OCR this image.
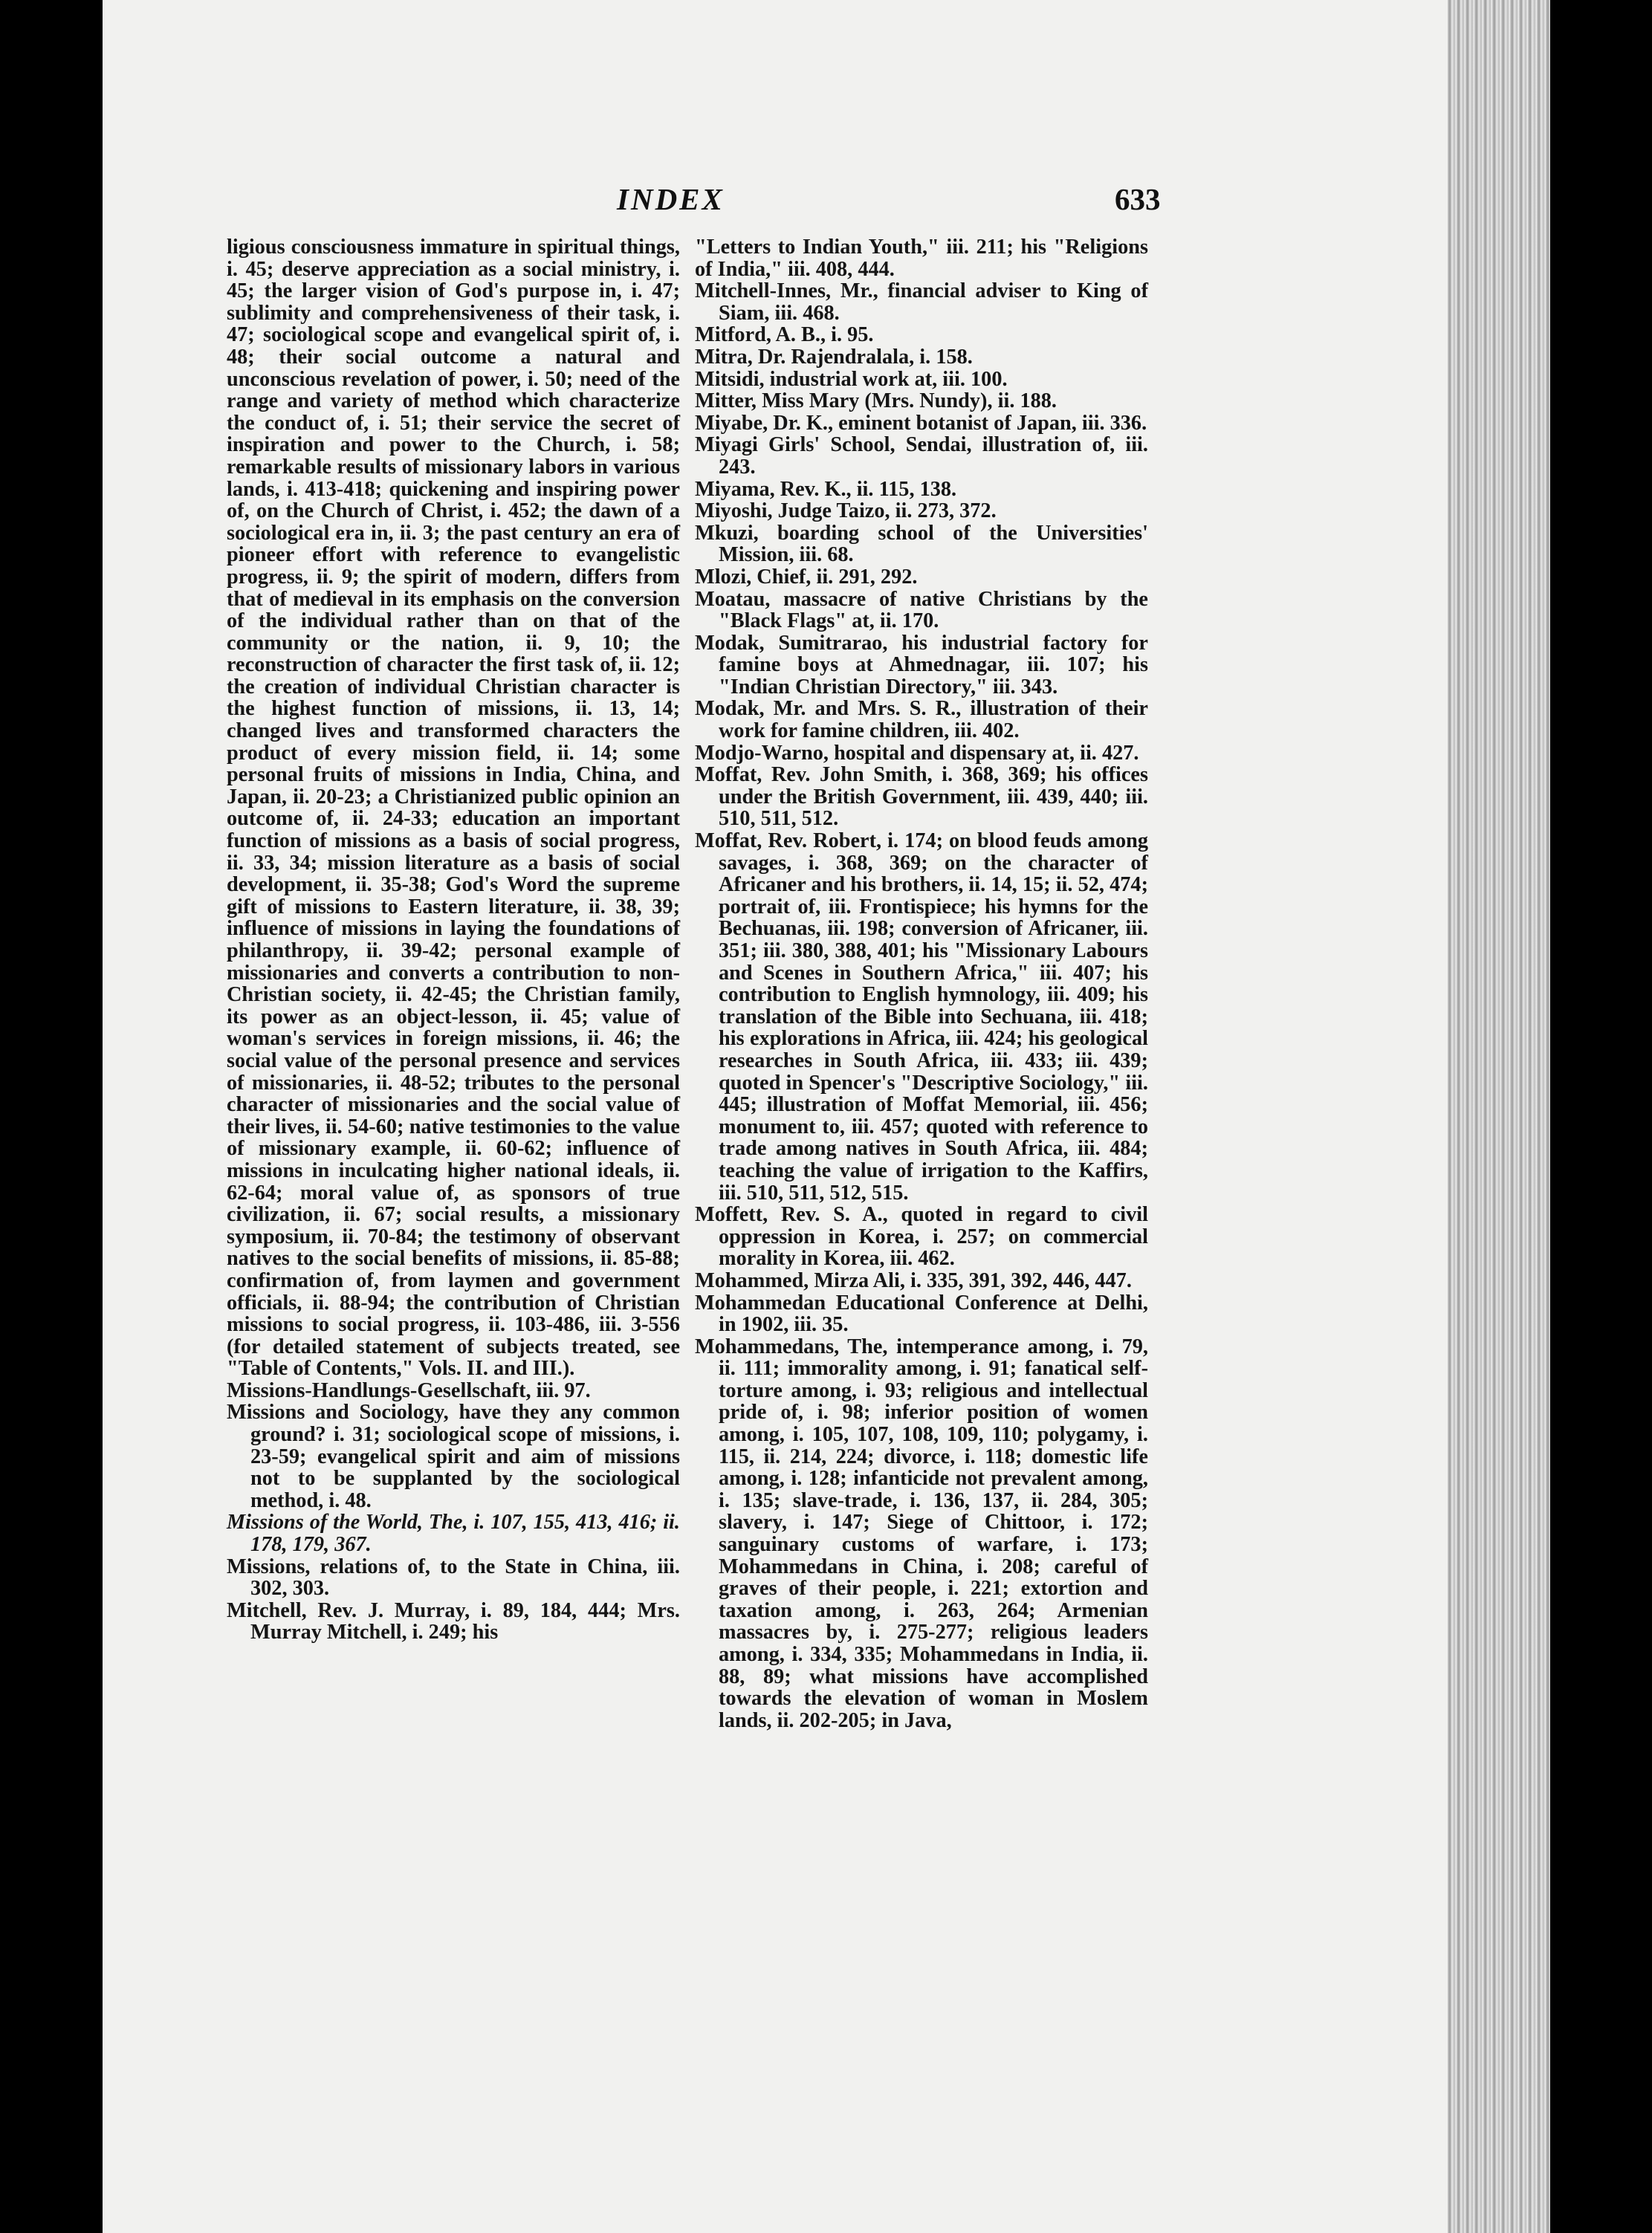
INDEX	633

ligious consciousness immature in spiritual things, i. 45; deserve appreciation as a social ministry, i. 45; the larger vision of God's purpose in, i. 47; sublimity and comprehensiveness of their task, i. 47; sociological scope and evangelical spirit of, i. 48; their social outcome a natural and unconscious revelation of power, i. 50; need of the range and variety of method which characterize the conduct of, i. 51; their service the secret of inspiration and power to the Church, i. 58; remarkable results of missionary labors in various lands, i. 413-418; quickening and inspiring power of, on the Church of Christ, i. 452; the dawn of a sociological era in, ii. 3; the past century an era of pioneer effort with reference to evangelistic progress, ii. 9; the spirit of modern, differs from that of medieval in its emphasis on the conversion of the individual rather than on that of the community or the nation, ii. 9, 10; the reconstruction of character the first task of, ii. 12; the creation of individual Christian character is the highest function of missions, ii. 13, 14; changed lives and transformed characters the product of every mission field, ii. 14; some personal fruits of missions in India, China, and Japan, ii. 20-23; a Christianized public opinion an outcome of, ii. 24-33; education an important function of missions as a basis of social progress, ii. 33, 34; mission literature as a basis of social development, ii. 35-38; God's Word the supreme gift of missions to Eastern literature, ii. 38, 39; influence of missions in laying the foundations of philanthropy, ii. 39-42; personal example of missionaries and converts a contribution to non-Christian society, ii. 42-45; the Christian family, its power as an object-lesson, ii. 45; value of woman's services in foreign missions, ii. 46; the social value of the personal presence and services of missionaries, ii. 48-52; tributes to the personal character of missionaries and the social value of their lives, ii. 54-60; native testimonies to the value of missionary example, ii. 60-62; influence of missions in inculcating higher national ideals, ii. 62-64; moral value of, as sponsors of true civilization, ii. 67; social results, a missionary symposium, ii. 70-84; the testimony of observant natives to the social benefits of missions, ii. 85-88; confirmation of, from laymen and government officials, ii. 88-94; the contribution of Christian missions to social progress, ii. 103-486, iii. 3-556 (for detailed statement of subjects treated, see "Table of Contents," Vols. II. and III.).

Missions-Handlungs-Gesellschaft, iii. 97.

Missions and Sociology, have they any common ground? i. 31; sociological scope of missions, i. 23-59; evangelical spirit and aim of missions not to be supplanted by the sociological method, i. 48.

Missions of the World, The, i. 107, 155, 413, 416; ii. 178, 179, 367.

Missions, relations of, to the State in China, iii. 302, 303.

Mitchell, Rev. J. Murray, i. 89, 184, 444; Mrs. Murray Mitchell, i. 249; his

"Letters to Indian Youth," iii. 211; his "Religions of India," iii. 408, 444.

Mitchell-Innes, Mr., financial adviser to King of Siam, iii. 468.

Mitford, A. B., i. 95.

Mitra, Dr. Rajendralala, i. 158.

Mitsidi, industrial work at, iii. 100.

Mitter, Miss Mary (Mrs. Nundy), ii. 188.

Miyabe, Dr. K., eminent botanist of Japan, iii. 336.

Miyagi Girls' School, Sendai, illustration of, iii. 243.

Miyama, Rev. K., ii. 115, 138.

Miyoshi, Judge Taizo, ii. 273, 372.

Mkuzi, boarding school of the Universities' Mission, iii. 68.

Mlozi, Chief, ii. 291, 292.

Moatau, massacre of native Christians by the "Black Flags" at, ii. 170.

Modak, Sumitrarao, his industrial factory for famine boys at Ahmednagar, iii. 107; his "Indian Christian Directory," iii. 343.

Modak, Mr. and Mrs. S. R., illustration of their work for famine children, iii. 402.

Modjo-Warno, hospital and dispensary at, ii. 427.

Moffat, Rev. John Smith, i. 368, 369; his offices under the British Government, iii. 439, 440; iii. 510, 511, 512.

Moffat, Rev. Robert, i. 174; on blood feuds among savages, i. 368, 369; on the character of Africaner and his brothers, ii. 14, 15; ii. 52, 474; portrait of, iii. Frontispiece; his hymns for the Bechuanas, iii. 198; conversion of Africaner, iii. 351; iii. 380, 388, 401; his "Missionary Labours and Scenes in Southern Africa," iii. 407; his contribution to English hymnology, iii. 409; his translation of the Bible into Sechuana, iii. 418; his explorations in Africa, iii. 424; his geological researches in South Africa, iii. 433; iii. 439; quoted in Spencer's "Descriptive Sociology," iii. 445; illustration of Moffat Memorial, iii. 456; monument to, iii. 457; quoted with reference to trade among natives in South Africa, iii. 484; teaching the value of irrigation to the Kaffirs, iii. 510, 511, 512, 515.

Moffett, Rev. S. A., quoted in regard to civil oppression in Korea, i. 257; on commercial morality in Korea, iii. 462.

Mohammed, Mirza Ali, i. 335, 391, 392, 446, 447.

Mohammedan Educational Conference at Delhi, in 1902, iii. 35.

Mohammedans, The, intemperance among, i. 79, ii. 111; immorality among, i. 91; fanatical self-torture among, i. 93; religious and intellectual pride of, i. 98; inferior position of women among, i. 105, 107, 108, 109, 110; polygamy, i. 115, ii. 214, 224; divorce, i. 118; domestic life among, i. 128; infanticide not prevalent among, i. 135; slave-trade, i. 136, 137, ii. 284, 305; slavery, i. 147; Siege of Chittoor, i. 172; sanguinary customs of warfare, i. 173; Mohammedans in China, i. 208; careful of graves of their people, i. 221; extortion and taxation among, i. 263, 264; Armenian massacres by, i. 275-277; religious leaders among, i. 334, 335; Mohammedans in India, ii. 88, 89; what missions have accomplished towards the elevation of woman in Moslem lands, ii. 202-205; in Java,
